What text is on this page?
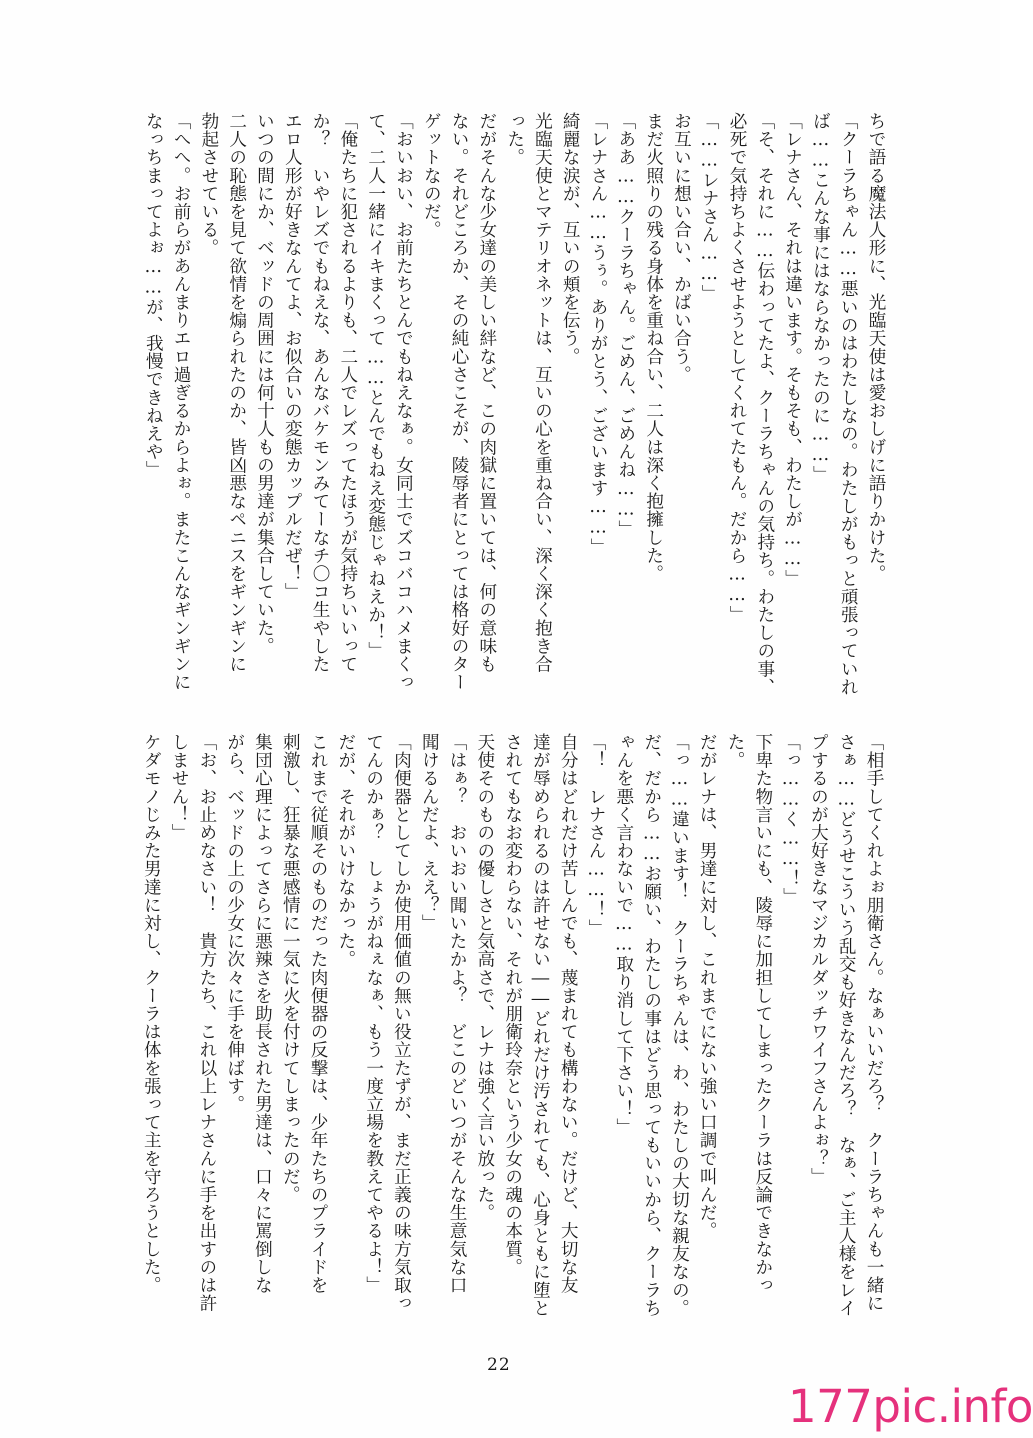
ちで語る魔法人形に、光臨天使は愛おしげに語りかけた。
「クーラちゃん……悪いのはわたしなの。わたしがもっと頑張っていれ
ば……こんな事にはならなかったのに……」
「レナさん、それは違います。そもそも、わたしが……」
「そ、それに……伝わってたよ、クーラちゃんの気持ち。わたしの事、
必死で気持ちよくさせようとしてくれてたもん。だから……」
「……レナさん……」
お互いに想い合い、かばい合う。
まだ火照りの残る身体を重ね合い、二人は深く抱擁した。
「ああ……クーラちゃん。ごめん、ごめんね……」
「レナさん……うぅ。ありがとう、ございます……」
綺麗な涙が、互いの頬を伝う。
光臨天使とマテリオネットは、互いの心を重ね合い、深く深く抱き合
った。
だがそんな少女達の美しい絆など、この肉獄に置いては、何の意味も
ない。それどころか、その純心さこそが、陵辱者にとっては格好のター
ゲットなのだ。
「おいおい、お前たちとんでもねえなぁ。女同士でズコバコハメまくっ
て、二人一緒にイキまくって……とんでもねえ変態じゃねえか！」
「俺たちに犯されるよりも、二人でレズってたほうが気持ちいいって
か？　いやレズでもねえな、あんなバケモンみてーなチ〇コ生やした
エロ人形が好きなんてよ、お似合いの変態カップルだぜ！」
いつの間にか、ベッドの周囲には何十人もの男達が集合していた。
二人の恥態を見て欲情を煽られたのか、皆凶悪なペニスをギンギンに
勃起させている。
「へへ。お前らがあんまりエロ過ぎるからよぉ。またこんなギンギンに
なっちまってよぉ……が、我慢できねえや」
「相手してくれよぉ朋衛さん。なぁいいだろ？　クーラちゃんも一緒に
さぁ……どうせこういう乱交も好きなんだろ？　なぁ、ご主人様をレイ
プするのが大好きなマジカルダッチワイフさんよぉ？」
「っ……く……！」
下卑た物言いにも、陵辱に加担してしまったクーラは反論できなかっ
た。
だがレナは、男達に対し、これまでにない強い口調で叫んだ。
「っ……違います！　クーラちゃんは、わ、わたしの大切な親友なの。
だ、だから……お願い、わたしの事はどう思ってもいいから、クーラち
ゃんを悪く言わないで……取り消して下さい！」
「！　レナさん……！」
自分はどれだけ苦しんでも、蔑まれても構わない。だけど、大切な友
達が辱められるのは許せない――どれだけ汚されても、心身ともに堕と
されてもなお変わらない、それが朋衛玲奈という少女の魂の本質。
天使そのものの優しさと気高さで、レナは強く言い放った。
「はぁ？　おいおい聞いたかよ？　どこのどいつがそんな生意気な口
聞けるんだよ、ええ？」
「肉便器としてしか使用価値の無い役立たずが、まだ正義の味方気取っ
てんのかぁ？　しょうがねぇなぁ、もう一度立場を教えてやるよ！」
だが、それがいけなかった。
これまで従順そのものだった肉便器の反撃は、少年たちのプライドを
刺激し、狂暴な悪感情に一気に火を付けてしまったのだ。
集団心理によってさらに悪辣さを助長された男達は、口々に罵倒しな
がら、ベッドの上の少女に次々に手を伸ばす。
「お、お止めなさい！　貴方たち、これ以上レナさんに手を出すのは許
しません！」
ケダモノじみた男達に対し、クーラは体を張って主を守ろうとした。
22
177pic.info
